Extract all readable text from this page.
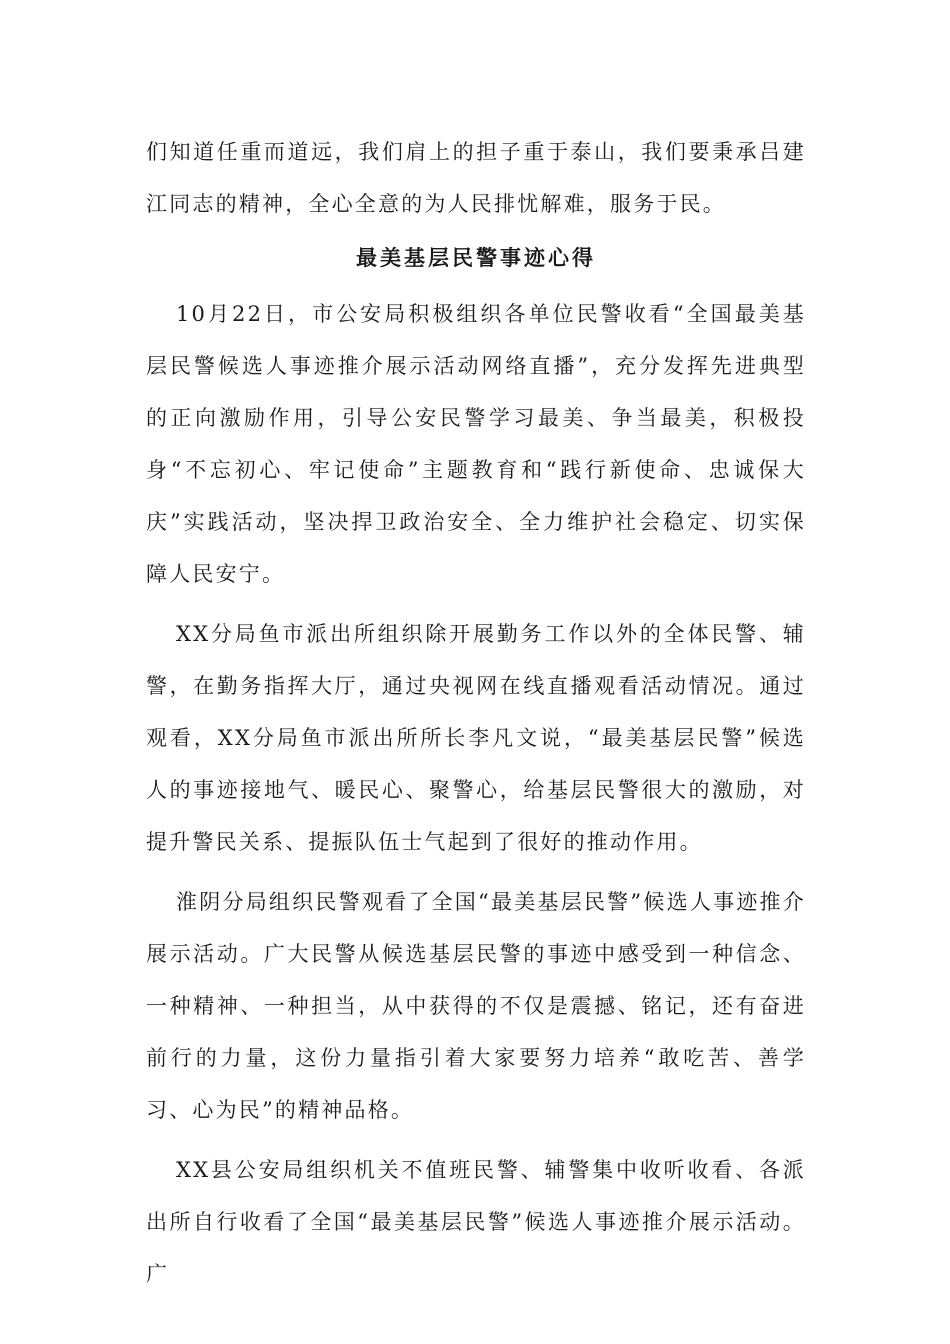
们知道任重而道远，我们肩上的担子重于泰山，我们要秉承吕建江同志的精神，全心全意的为人民排忧解难，服务于民。

最美基层民警事迹心得

10月22日，市公安局积极组织各单位民警收看“全国最美基层民警候选人事迹推介展示活动网络直播”，充分发挥先进典型的正向激励作用，引导公安民警学习最美、争当最美，积极投身“不忘初心、牢记使命”主题教育和“践行新使命、忠诚保大庆”实践活动，坚决捍卫政治安全、全力维护社会稳定、切实保障人民安宁。

XX分局鱼市派出所组织除开展勤务工作以外的全体民警、辅警，在勤务指挥大厅，通过央视网在线直播观看活动情况。通过观看，XX分局鱼市派出所所长李凡文说，“最美基层民警”候选人的事迹接地气、暖民心、聚警心，给基层民警很大的激励，对提升警民关系、提振队伍士气起到了很好的推动作用。

淮阴分局组织民警观看了全国“最美基层民警”候选人事迹推介展示活动。广大民警从候选基层民警的事迹中感受到一种信念、一种精神、一种担当，从中获得的不仅是震撼、铭记，还有奋进前行的力量，这份力量指引着大家要努力培养“敢吃苦、善学习、心为民”的精神品格。

XX县公安局组织机关不值班民警、辅警集中收听收看、各派出所自行收看了全国“最美基层民警”候选人事迹推介展示活动。广
